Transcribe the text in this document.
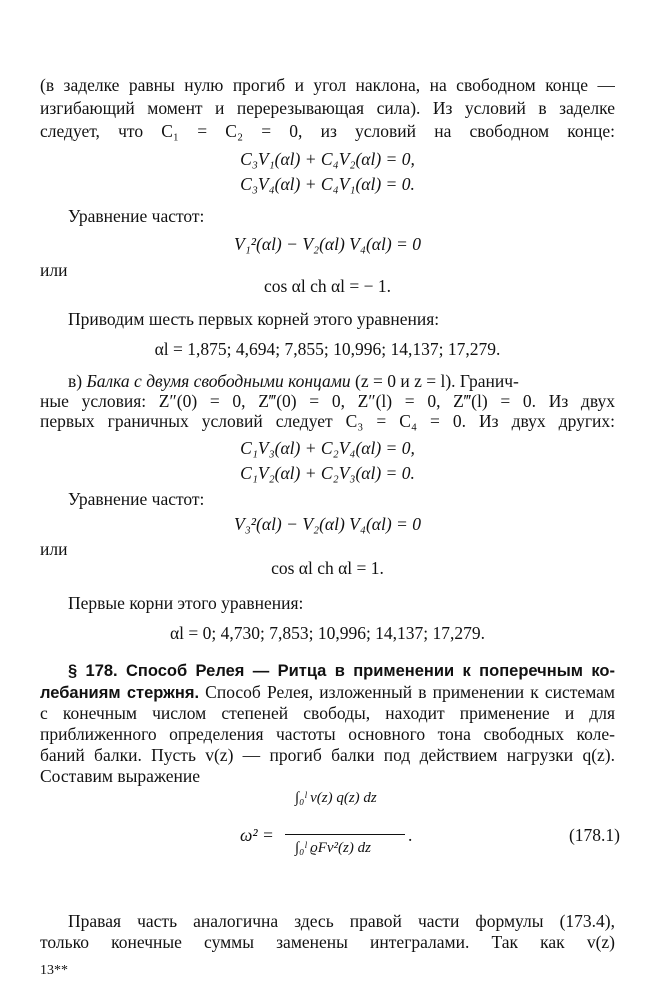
(в заделке равны нулю прогиб и угол наклона, на свободном конце —
изгибающий момент и перерезывающая сила). Из условий в заделке
следует, что C₁ = C₂ = 0, из условий на свободном конце:
C₃V₁(αl) + C₄V₂(αl) = 0,
C₃V₄(αl) + C₄V₁(αl) = 0.
Уравнение частот:
V₁²(αl) − V₂(αl) V₄(αl) = 0
или
cos αl ch αl = − 1.
Приводим шесть первых корней этого уравнения:
αl = 1,875; 4,694; 7,855; 10,996; 14,137; 17,279.
в) Балка с двумя свободными концами (z = 0 и z = l). Гранич-
ные условия: Z″(0) = 0, Z‴(0) = 0, Z″(l) = 0, Z‴(l) = 0. Из двух
первых граничных условий следует C₃ = C₄ = 0. Из двух других:
C₁V₃(αl) + C₂V₄(αl) = 0,
C₁V₂(αl) + C₂V₃(αl) = 0.
Уравнение частот:
V₃²(αl) − V₂(αl) V₄(αl) = 0
или
cos αl ch αl = 1.
Первые корни этого уравнения:
αl = 0; 4,730; 7,853; 10,996; 14,137; 17,279.
§ 178. Способ Релея — Ритца в применении к поперечным ко-
лебаниям стержня. Способ Релея, изложенный в применении к системам
с конечным числом степеней свободы, находит применение и для
приближенного определения частоты основного тона свободных коле-
баний балки. Пусть v(z) — прогиб балки под действием нагрузки q(z).
Составим выражение
ω² =
∫₀ˡ v(z) q(z) dz
∫₀ˡ ϱFv²(z) dz
.	(178.1)
Правая часть аналогична здесь правой части формулы (173.4),
только конечные суммы заменены интегралами. Так как v(z)
13**
